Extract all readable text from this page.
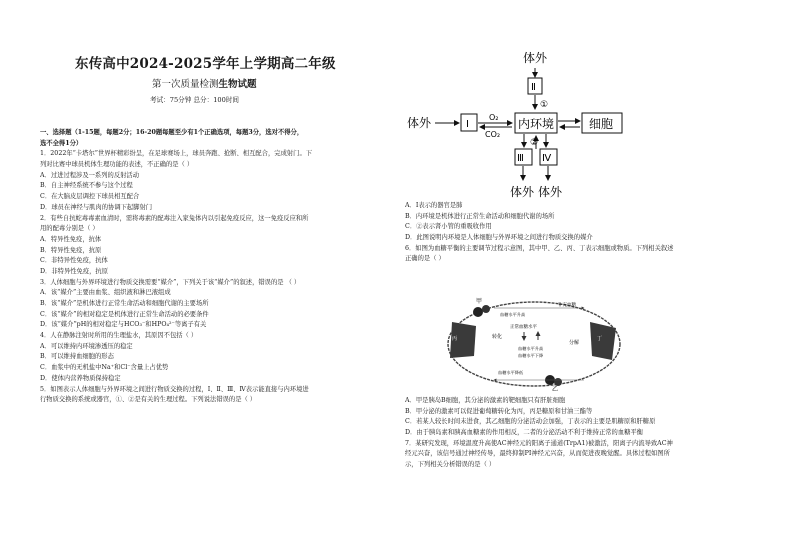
东传高中2024-2025学年上学期高二年级
第一次质量检测生物试题
考试：75分钟 总分：100时间
一、选择题（1-15题，每题2分；16-20题每题至少有1个正确选项，每题3分，选对不得分，
选不全得1分）
1．2022年“卡塔尔”世界杯精彩纷呈，在足球赛场上，球员奔跑、抢断、相互配合，完成射门。下
列对比赛中球员机体生理功能的表述，不正确的是（ ）
A．过进过程涉及一系列的反射活动
B．自主神经系统不参与这个过程
C．在大脑皮层调控下球员相互配合
D．球员在神经与肌肉的协调下起脚射门
2．有些自抗蛇毒毒素血清时，需将毒素的配毒注入家兔体内以引起免疫反应，这一免疫反应和所
用的配毒分别是（ ）
A．特异性免疫，抗体
B．特异性免疫，抗原
C．非特异性免疫，抗体
D．非特异性免疫，抗原
3．人体细胞与外界环境进行物质交换需要“媒介”，下列关于该“媒介”的叙述，错误的是 （ ）
A．该“媒介”主要由血浆、组织液和淋巴液组成
B．该“媒介”是机体进行正常生命活动和细胞代谢的主要场所
C．该“媒介”的相对稳定是机体进行正常生命活动的必要条件
D．该“媒介”pH的相对稳定与HCO₃⁻和HPO₄²⁻等离子有关
4．人在静脉注射时所用的生理盐水，其原因不包括（ ）
A．可以维持内环境渗透压的稳定
B．可以维持血细胞的形态
C．血浆中的无机盐中Na⁺和Cl⁻含量上占优势
D．使体内营养物质保持稳定
5．如图表示人体细胞与外界环境之间进行物质交换的过程，Ⅰ、Ⅱ、Ⅲ、Ⅳ表示能直接与内环境进
行物质交换的系统或器官，①、②是有关的生理过程。下列说法错误的是（ ）
体外
Ⅱ
①
体外	Ⅰ
O₂
CO₂
内环境	细胞
②
Ⅲ Ⅳ
体外 体外
A．Ⅰ表示的器官是肺
B．内环境是机体进行正常生命活动和细胞代谢的场所
C．②表示肾小管的重吸收作用
D．此图说明内环境是人体细胞与外界环境之间进行物质交换的媒介
6．如图为血糖平衡的主要调节过程示意图，其中甲、乙、丙、丁表示细胞或物质。下列相关叙述
正确的是（ ）
甲
乙
丙	丁
转化
分解
补充血糖
血糖水平升高
血糖水平降低
正常血糖水平
血糖水平升高
血糖水平下降
A．甲是胰岛B细胞，其分泌的激素的靶细胞只有肝脏细胞
B．甲分泌的激素可以促进葡萄糖转化为丙，丙是糖原和甘油三酯等
C．若某人较长时间未进食，其乙细胞的分泌活动会加强，丁表示的主要是肌糖原和肝糖原
D．由于胰岛素和胰高血糖素的作用相反，二者的分泌活动不利于维持正常的血糖平衡
7．某研究发现，环境温度升高使AC神经元的阳离子通道(TrpA1)被激活，阳离子内流导致AC神
经元兴奋，该信号通过神经传导，最终抑制PI神经元兴奋，从而促进夜晚觉醒。具体过程如图所
示，下列相关分析错误的是（ ）
